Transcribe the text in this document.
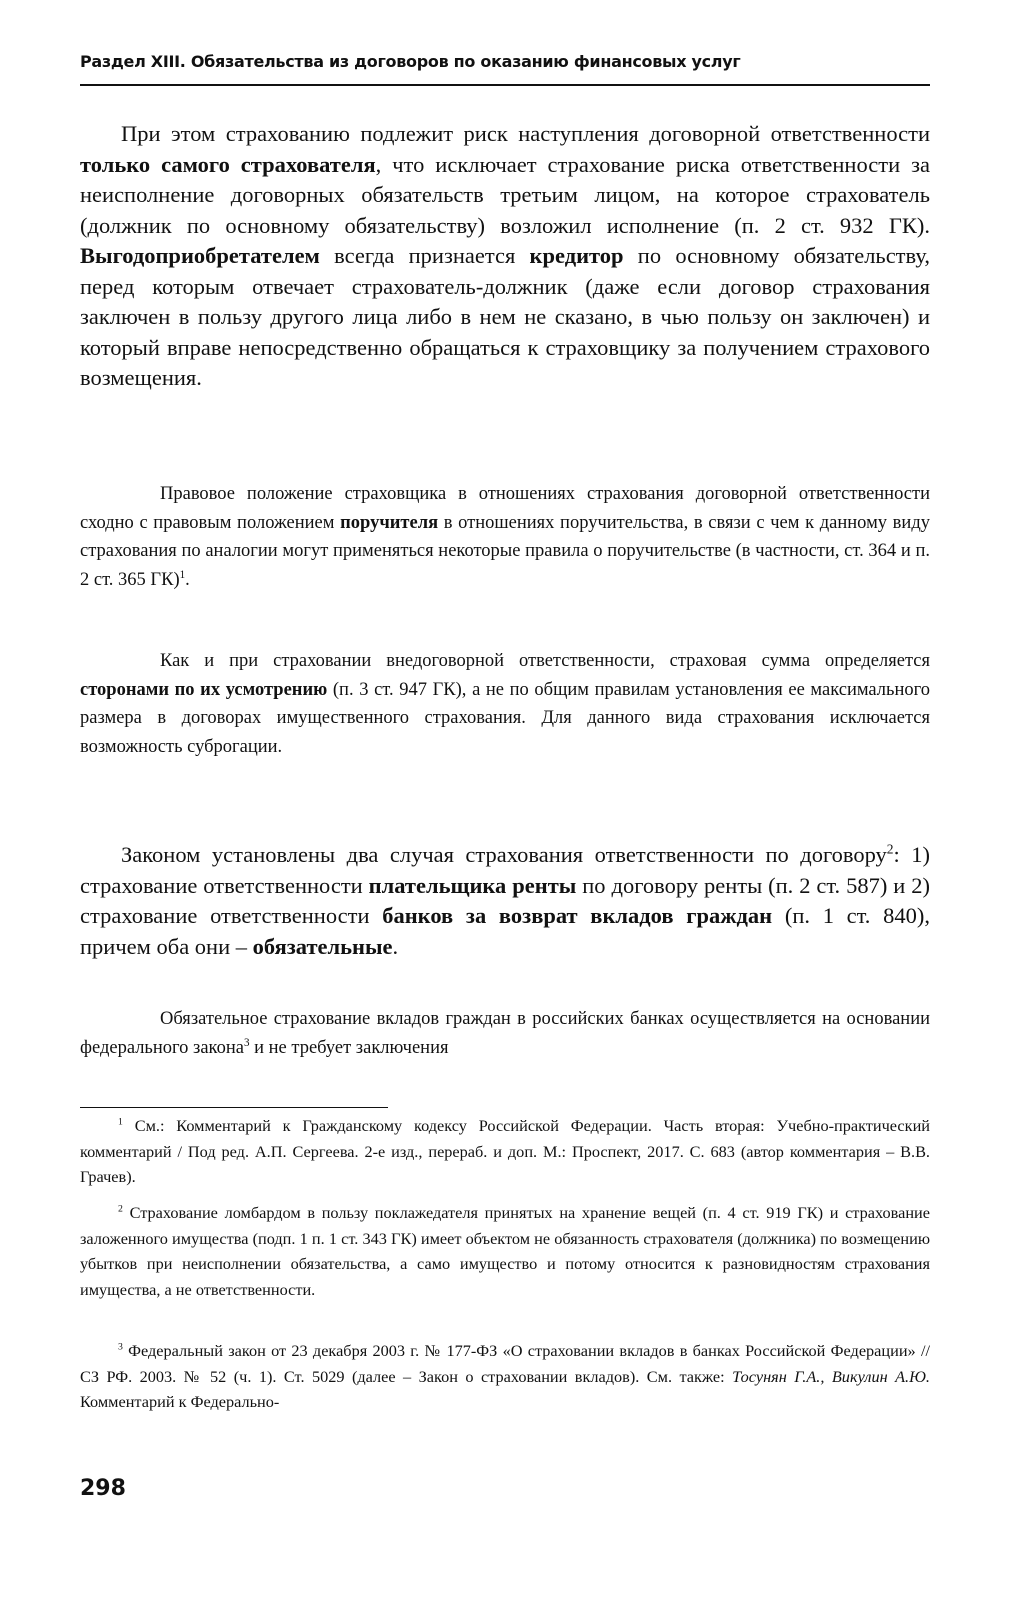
Раздел XIII. Обязательства из договоров по оказанию финансовых услуг

При этом страхованию подлежит риск наступления договорной ответственности только самого страхователя, что исключает страхование риска ответственности за неисполнение договорных обязательств третьим лицом, на которое страхователь (должник по основному обязательству) возложил исполнение (п. 2 ст. 932 ГК). Выгодоприобретателем всегда признается кредитор по основному обязательству, перед которым отвечает страхователь-должник (даже если договор страхования заключен в пользу другого лица либо в нем не сказано, в чью пользу он заключен) и который вправе непосредственно обращаться к страховщику за получением страхового возмещения.

Правовое положение страховщика в отношениях страхования договорной ответственности сходно с правовым положением поручителя в отношениях поручительства, в связи с чем к данному виду страхования по аналогии могут применяться некоторые правила о поручительстве (в частности, ст. 364 и п. 2 ст. 365 ГК)$^1$.

Как и при страховании внедоговорной ответственности, страховая сумма определяется сторонами по их усмотрению (п. 3 ст. 947 ГК), а не по общим правилам установления ее максимального размера в договорах имущественного страхования. Для данного вида страхования исключается возможность суброгации.

Законом установлены два случая страхования ответственности по договору$^2$: 1) страхование ответственности плательщика ренты по договору ренты (п. 2 ст. 587) и 2) страхование ответственности банков за возврат вкладов граждан (п. 1 ст. 840), причем оба они – обязательные.

Обязательное страхование вкладов граждан в российских банках осуществляется на основании федерального закона$^3$ и не требует заключения

$^1$ См.: Комментарий к Гражданскому кодексу Российской Федерации. Часть вторая: Учебно-практический комментарий / Под ред. А.П. Сергеева. 2-е изд., перераб. и доп. М.: Проспект, 2017. С. 683 (автор комментария – В.В. Грачев).

$^2$ Страхование ломбардом в пользу поклажедателя принятых на хранение вещей (п. 4 ст. 919 ГК) и страхование заложенного имущества (подп. 1 п. 1 ст. 343 ГК) имеет объектом не обязанность страхователя (должника) по возмещению убытков при неисполнении обязательства, а само имущество и потому относится к разновидностям страхования имущества, а не ответственности.

$^3$ Федеральный закон от 23 декабря 2003 г. № 177-ФЗ «О страховании вкладов в банках Российской Федерации» // СЗ РФ. 2003. № 52 (ч. 1). Ст. 5029 (далее – Закон о страховании вкладов). См. также: Тосунян Г.А., Викулин А.Ю. Комментарий к Федерально-

298
